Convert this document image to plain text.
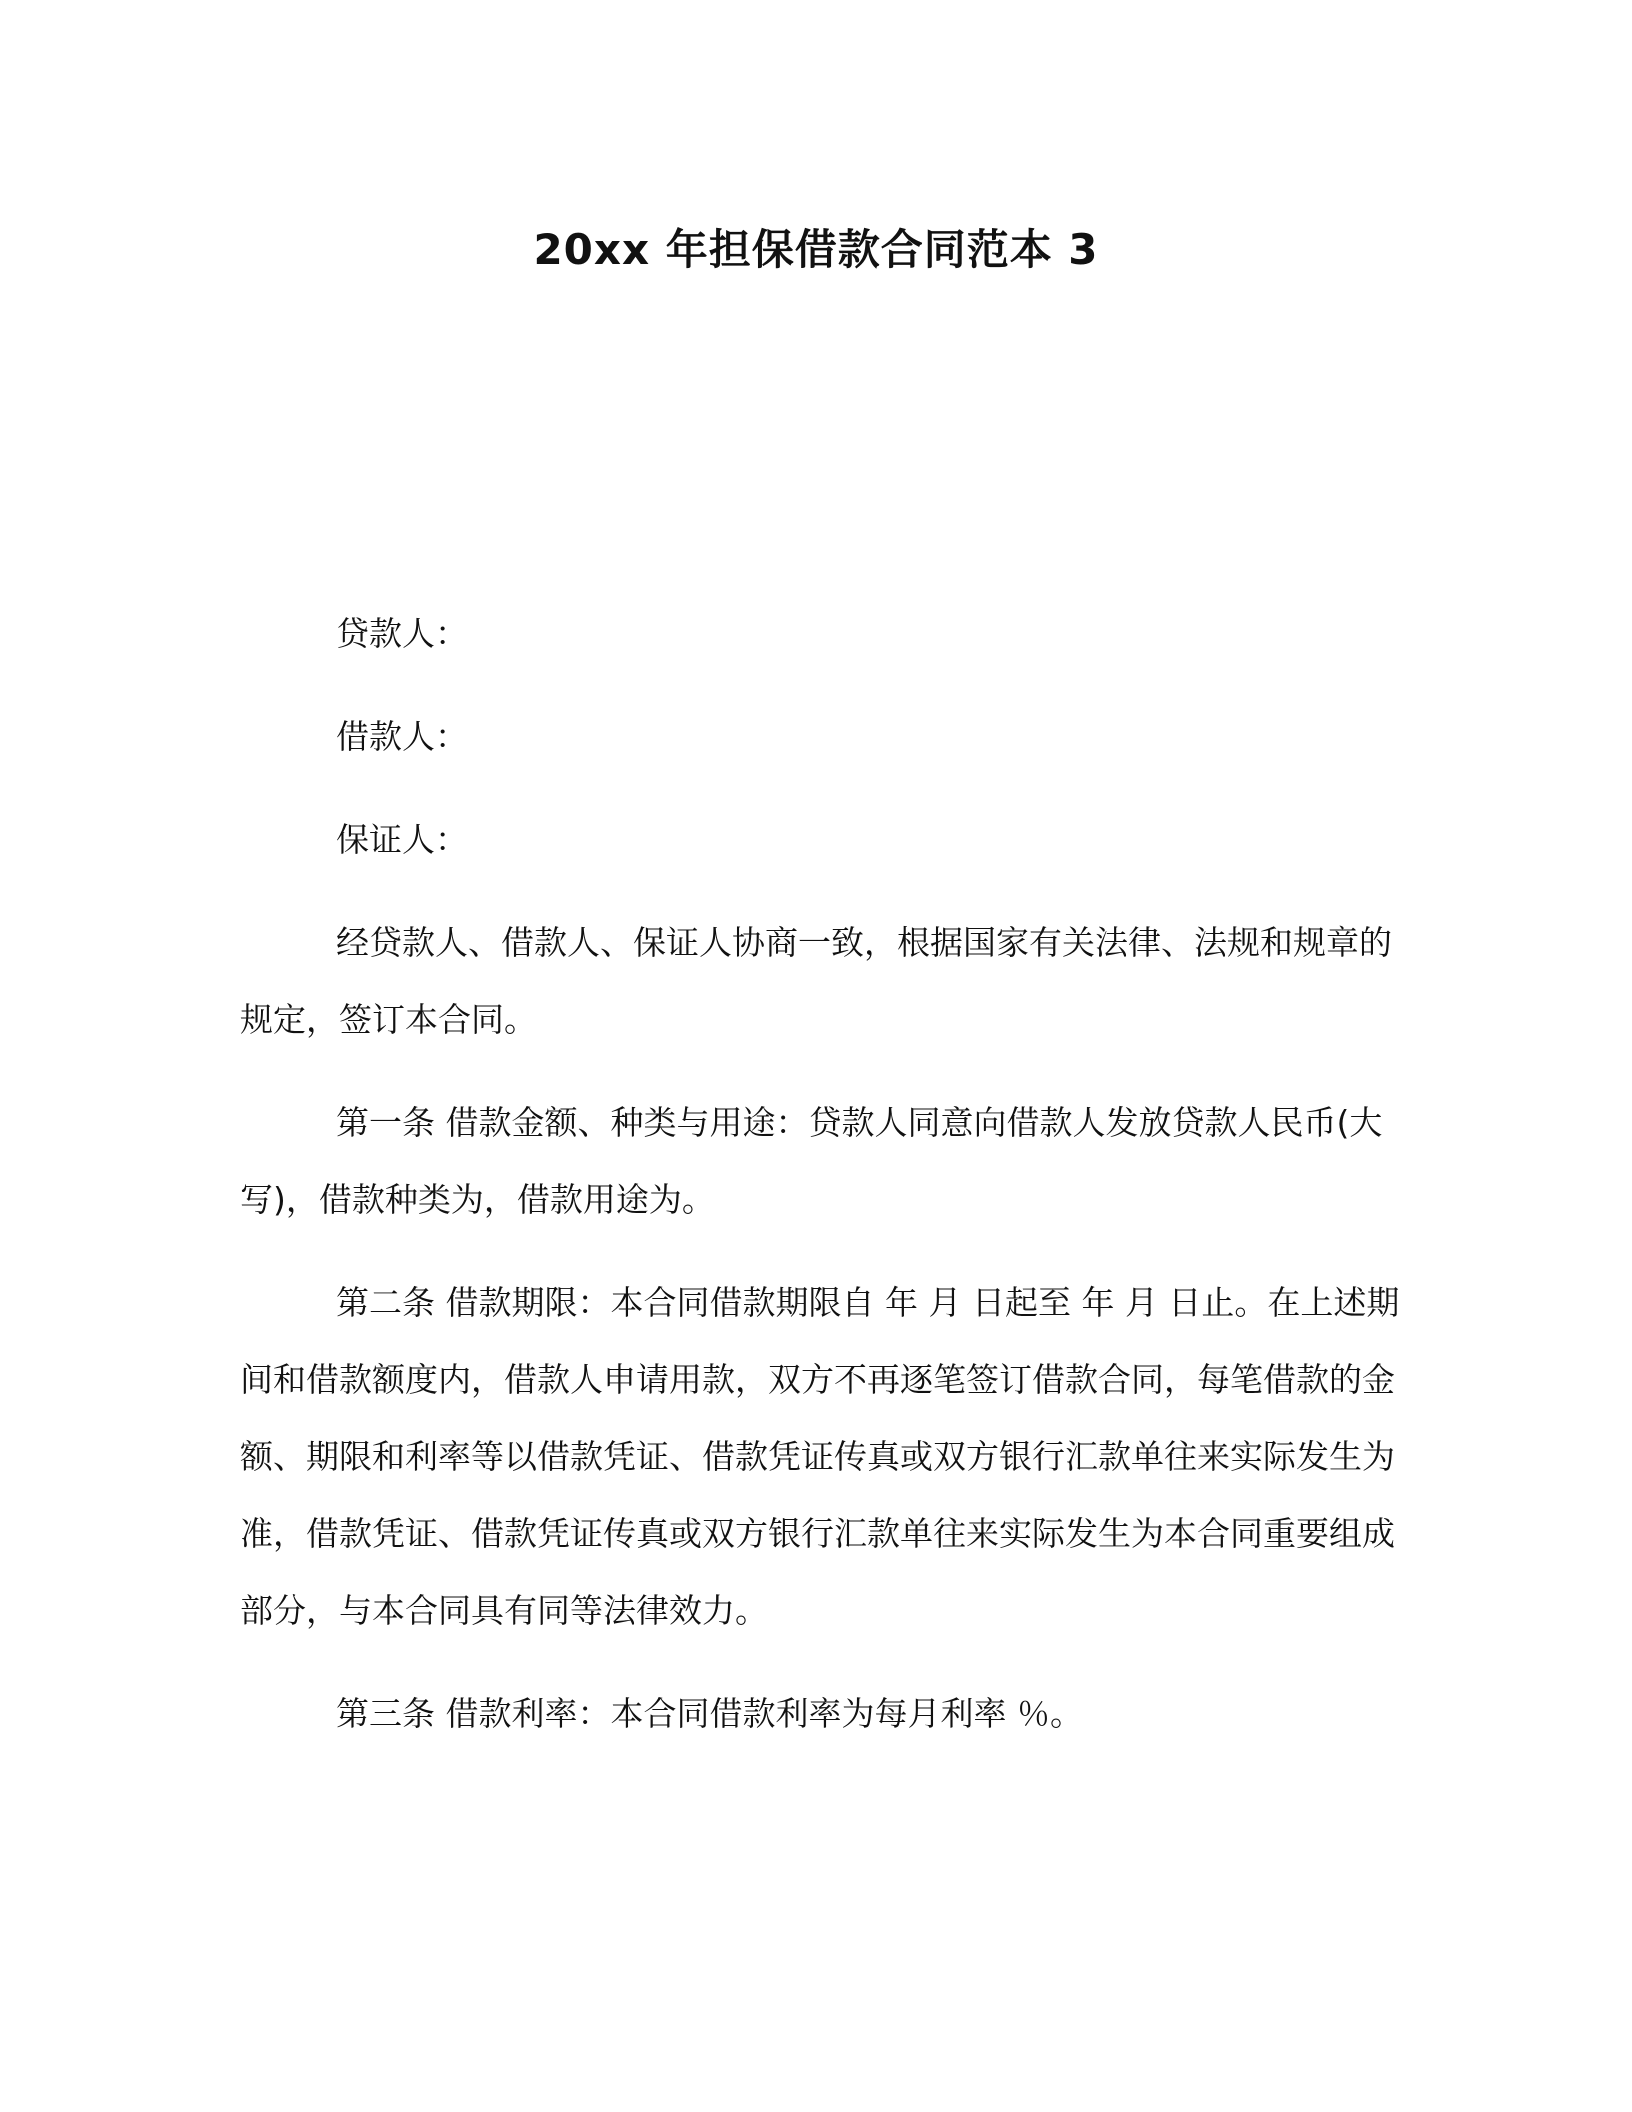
20xx 年担保借款合同范本 3

贷款人：

借款人：

保证人：

经贷款人、借款人、保证人协商一致，根据国家有关法律、法规和规章的规定，签订本合同。

第一条 借款金额、种类与用途：贷款人同意向借款人发放贷款人民币(大写)，借款种类为，借款用途为。

第二条 借款期限：本合同借款期限自 年 月 日起至 年 月 日止。在上述期间和借款额度内，借款人申请用款，双方不再逐笔签订借款合同，每笔借款的金额、期限和利率等以借款凭证、借款凭证传真或双方银行汇款单往来实际发生为准，借款凭证、借款凭证传真或双方银行汇款单往来实际发生为本合同重要组成部分，与本合同具有同等法律效力。

第三条 借款利率：本合同借款利率为每月利率 ％。
